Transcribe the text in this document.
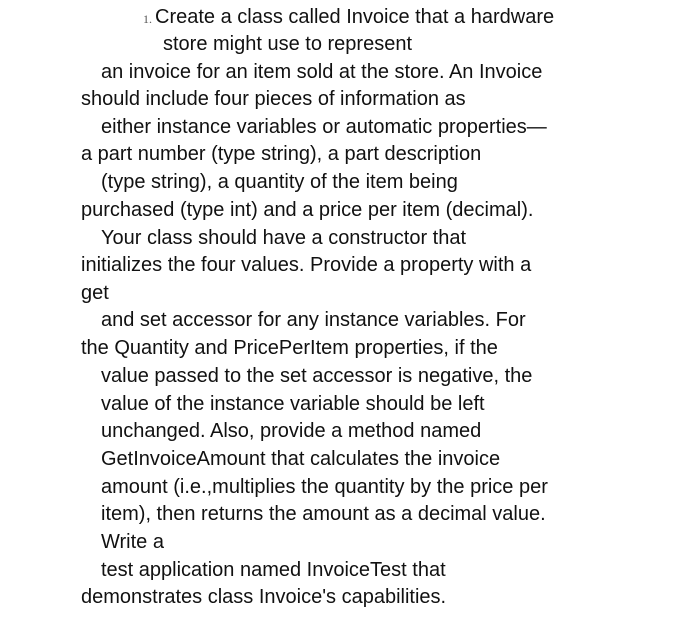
1. Create a class called Invoice that a hardware
store might use to represent
an invoice for an item sold at the store. An Invoice
should include four pieces of information as
either instance variables or automatic properties—
a part number (type string), a part description
(type string), a quantity of the item being
purchased (type int) and a price per item (decimal).
Your class should have a constructor that
initializes the four values. Provide a property with a
get
and set accessor for any instance variables. For
the Quantity and PricePerItem properties, if the
value passed to the set accessor is negative, the
value of the instance variable should be left
unchanged. Also, provide a method named
GetInvoiceAmount that calculates the invoice
amount (i.e.,multiplies the quantity by the price per
item), then returns the amount as a decimal value.
Write a
test application named InvoiceTest that
demonstrates class Invoice's capabilities.
